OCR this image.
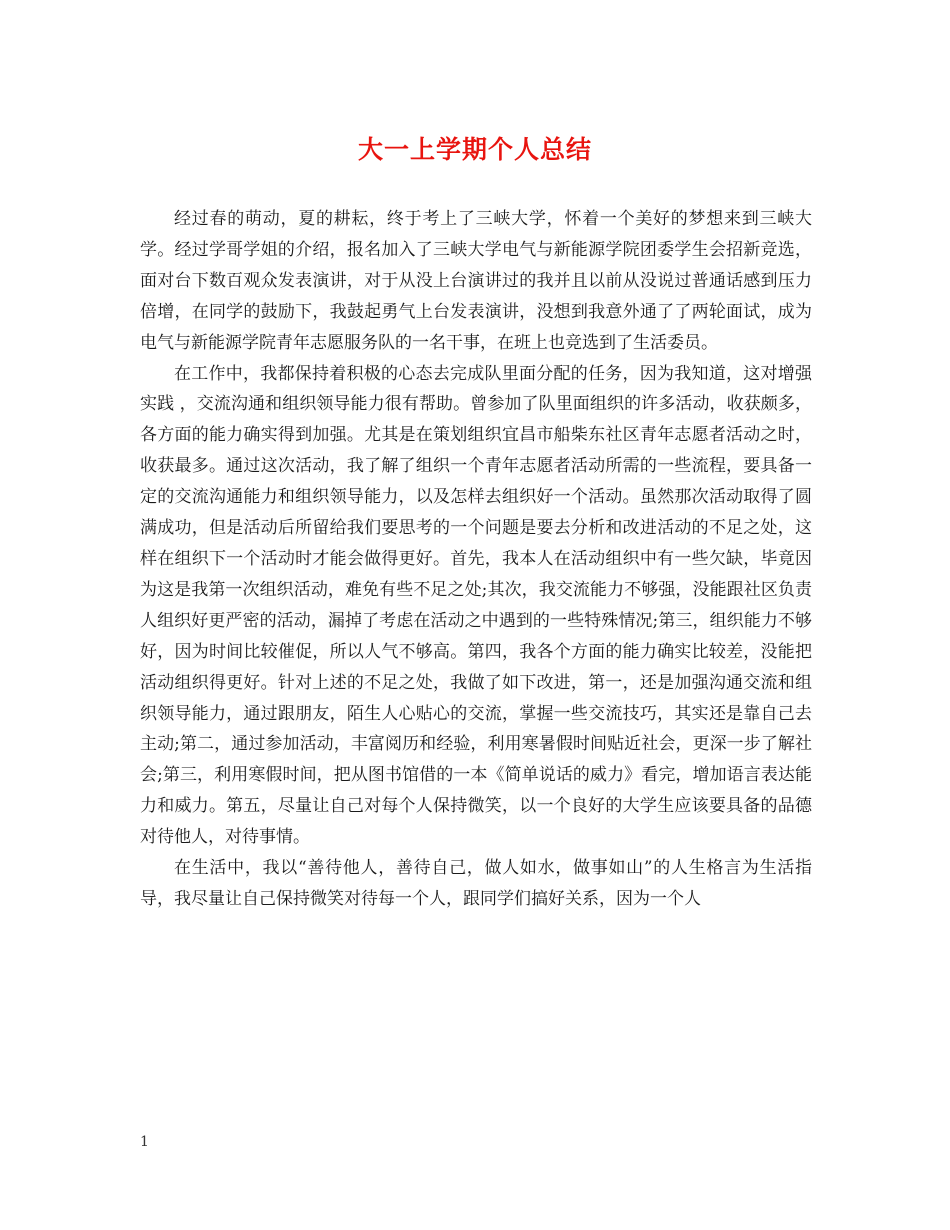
大一上学期个人总结

经过春的萌动，夏的耕耘，终于考上了三峡大学，怀着一个美好的梦想来到三峡大学。经过学哥学姐的介绍，报名加入了三峡大学电气与新能源学院团委学生会招新竞选，面对台下数百观众发表演讲，对于从没上台演讲过的我并且以前从没说过普通话感到压力倍增，在同学的鼓励下，我鼓起勇气上台发表演讲，没想到我意外通了了两轮面试，成为电气与新能源学院青年志愿服务队的一名干事，在班上也竞选到了生活委员。

在工作中，我都保持着积极的心态去完成队里面分配的任务，因为我知道，这对增强实践 ，交流沟通和组织领导能力很有帮助。曾参加了队里面组织的许多活动，收获颇多，各方面的能力确实得到加强。尤其是在策划组织宜昌市船柴东社区青年志愿者活动之时，收获最多。通过这次活动，我了解了组织一个青年志愿者活动所需的一些流程，要具备一定的交流沟通能力和组织领导能力，以及怎样去组织好一个活动。虽然那次活动取得了圆满成功，但是活动后所留给我们要思考的一个问题是要去分析和改进活动的不足之处，这样在组织下一个活动时才能会做得更好。首先，我本人在活动组织中有一些欠缺，毕竟因为这是我第一次组织活动，难免有些不足之处;其次，我交流能力不够强，没能跟社区负责人组织好更严密的活动，漏掉了考虑在活动之中遇到的一些特殊情况;第三，组织能力不够好，因为时间比较催促，所以人气不够高。第四，我各个方面的能力确实比较差，没能把活动组织得更好。针对上述的不足之处，我做了如下改进，第一，还是加强沟通交流和组织领导能力，通过跟朋友，陌生人心贴心的交流，掌握一些交流技巧，其实还是靠自己去主动;第二，通过参加活动，丰富阅历和经验，利用寒暑假时间贴近社会，更深一步了解社会;第三，利用寒假时间，把从图书馆借的一本《简单说话的威力》看完，增加语言表达能力和威力。第五，尽量让自己对每个人保持微笑，以一个良好的大学生应该要具备的品德对待他人，对待事情。

在生活中，我以“善待他人，善待自己，做人如水，做事如山”的人生格言为生活指导，我尽量让自己保持微笑对待每一个人，跟同学们搞好关系，因为一个人

1
